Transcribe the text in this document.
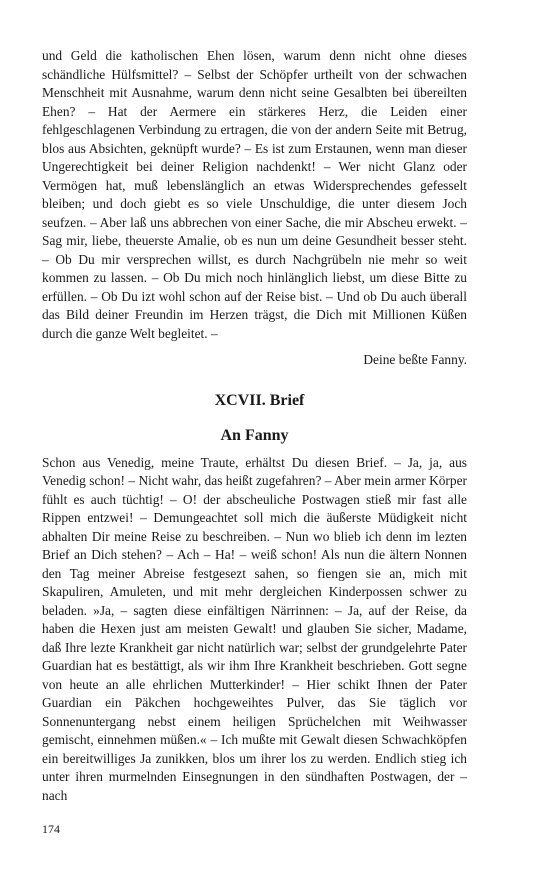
und Geld die katholischen Ehen lösen, warum denn nicht ohne dieses schändliche Hülfsmittel? – Selbst der Schöpfer urtheilt von der schwachen Menschheit mit Ausnahme, warum denn nicht seine Gesalbten bei übereilten Ehen? – Hat der Aermere ein stärkeres Herz, die Leiden einer fehlgeschlagenen Verbindung zu ertragen, die von der andern Seite mit Betrug, blos aus Absichten, geknüpft wurde? – Es ist zum Erstaunen, wenn man dieser Ungerechtigkeit bei deiner Religion nachdenkt! – Wer nicht Glanz oder Vermögen hat, muß lebenslänglich an etwas Widersprechendes gefesselt bleiben; und doch giebt es so viele Unschuldige, die unter diesem Joch seufzen. – Aber laß uns abbrechen von einer Sache, die mir Abscheu erwekt. – Sag mir, liebe, theuerste Amalie, ob es nun um deine Gesundheit besser steht. – Ob Du mir versprechen willst, es durch Nachgrübeln nie mehr so weit kommen zu lassen. – Ob Du mich noch hinlänglich liebst, um diese Bitte zu erfüllen. – Ob Du izt wohl schon auf der Reise bist. – Und ob Du auch überall das Bild deiner Freundin im Herzen trägst, die Dich mit Millionen Küßen durch die ganze Welt begleitet. –

Deine beßte Fanny.

XCVII. Brief
An Fanny

Schon aus Venedig, meine Traute, erhältst Du diesen Brief. – Ja, ja, aus Venedig schon! – Nicht wahr, das heißt zugefahren? – Aber mein armer Körper fühlt es auch tüchtig! – O! der abscheuliche Postwagen stieß mir fast alle Rippen entzwei! – Demungeachtet soll mich die äußerste Müdigkeit nicht abhalten Dir meine Reise zu beschreiben. – Nun wo blieb ich denn im lezten Brief an Dich stehen? – Ach – Ha! – weiß schon! Als nun die ältern Nonnen den Tag meiner Abreise festgesezt sahen, so fiengen sie an, mich mit Skapuliren, Amuleten, und mit mehr dergleichen Kinderpossen schwer zu beladen. »Ja, – sagten diese einfältigen Närrinnen: – Ja, auf der Reise, da haben die Hexen just am meisten Gewalt! und glauben Sie sicher, Madame, daß Ihre lezte Krankheit gar nicht natürlich war; selbst der grundgelehrte Pater Guardian hat es bestättigt, als wir ihm Ihre Krankheit beschrieben. Gott segne von heute an alle ehrlichen Mutterkinder! – Hier schikt Ihnen der Pater Guardian ein Päkchen hochgeweihtes Pulver, das Sie täglich vor Sonnenuntergang nebst einem heiligen Sprüchelchen mit Weihwasser gemischt, einnehmen müßen.« – Ich mußte mit Gewalt diesen Schwachköpfen ein bereitwilliges Ja zunikken, blos um ihrer los zu werden. Endlich stieg ich unter ihren murmelnden Einsegnungen in den sündhaften Postwagen, der – nach

174
